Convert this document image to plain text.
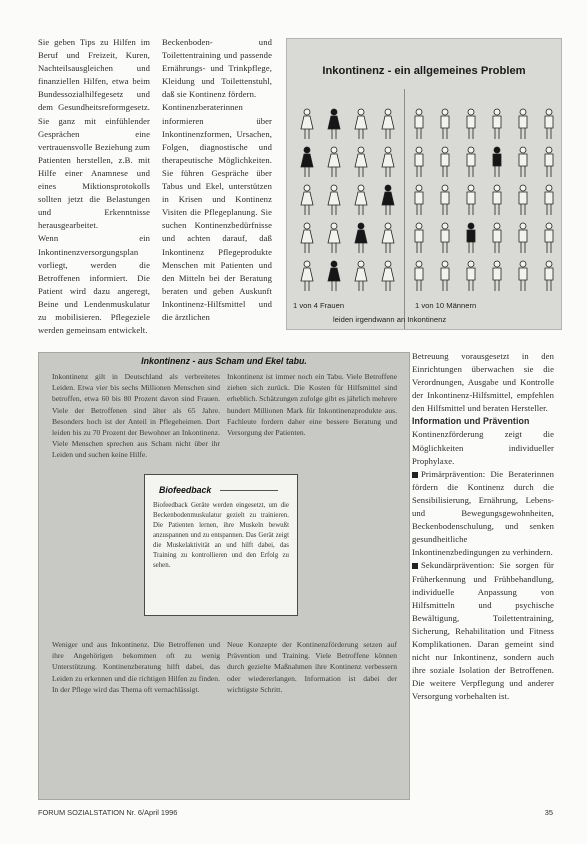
Sie geben Tips zu Hilfen im Beruf und Freizeit, Kuren, Nachteilsausgleichen und finanziellen Hilfen, etwa beim Bundessozialhilfegesetz und dem Gesundheitsreformgesetz. Sie ganz mit einfühlender Gesprächen eine vertrauensvolle Beziehung zum Patienten herstellen, z.B. mit Hilfe einer Anamnese und eines Miktionsprotokolls sollten jetzt die Belastungen und Erkenntnisse herausgearbeitet.

Wenn ein Inkontinenzversorgungsplan vorliegt, werden die Betroffenen informiert. Die Patient wird dazu angeregt, Beine und Lendenmuskulatur zu mobilisieren. Pflegeziele werden gemeinsam entwickelt.

Beckenboden- und Toilettentraining und passende Ernährungs- und Trinkpflege, Kleidung und Toilettenstuhl, daß sie Kontinenz fördern.

Kontinenzberaterinnen informieren über Inkontinenzformen, Ursachen, Folgen, diagnostische und therapeutische Möglichkeiten. Sie führen Gespräche über Tabus und Ekel, unterstützen in Krisen und Kontinenz Visiten die Pflegeplanung. Sie suchen Kontinenzbedürfnisse und achten darauf, daß Inkontinenz Pflegeprodukte Menschen mit Patienten und den Mitteln bei der Beratung beraten und geben Auskunft Inkontinenz-Hilfsmittel und die ärztlichen

Inkontinenz - ein allgemeines Problem
1 von 4 Frauen	1 von 10 Männern
leiden irgendwann an Inkontinenz

Betreuung vorausgesetzt in den Einrichtungen überwachen sie die Verordnungen, Ausgabe und Kontrolle der Inkontinenz-Hilfsmittel, empfehlen den Hilfsmittel und beraten Hersteller.

Information und Prävention

Kontinenzförderung zeigt die Möglichkeiten individueller Prophylaxe.

Primärprävention: Die Beraterinnen fördern die Kontinenz durch die Sensibilisierung, Ernährung, Lebens- und Bewegungsgewohnheiten, Beckenbodenschulung, und senken gesundheitliche Inkontinenzbedingungen zu verhindern.

Sekundärprävention: Sie sorgen für Früherkennung und Frühbehandlung, individuelle Anpassung von Hilfsmitteln und psychische Bewältigung, Toilettentraining, Sicherung, Rehabilitation und Fitness Komplikationen. Daran gemeint sind nicht nur Inkontinenz, sondern auch ihre soziale Isolation der Betroffenen. Die weitere Verpflegung und anderer Versorgung vorbehalten ist.

Inkontinenz - aus Scham und Ekel tabu.

Inkontinenz gilt in Deutschland als verbreitetes Leiden. Etwa vier bis sechs Millionen Menschen sind betroffen, etwa 60 bis 80 Prozent davon sind Frauen. Viele der Betroffenen sind älter als 65 Jahre. Besonders hoch ist der Anteil in Pflegeheimen. Dort leiden bis zu 70 Prozent der Bewohner an Inkontinenz. Viele Menschen sprechen aus Scham nicht über ihr Leiden und suchen keine Hilfe.

Inkontinenz ist immer noch ein Tabu. Viele Betroffene ziehen sich zurück. Die Kosten für Hilfsmittel sind erheblich. Schätzungen zufolge gibt es jährlich mehrere hundert Millionen Mark für Inkontinenzprodukte aus. Fachleute fordern daher eine bessere Beratung und Versorgung der Patienten.

Weniger und aus Inkontinenz. Die Betroffenen und ihre Angehörigen bekommen oft zu wenig Unterstützung. Kontinenzberatung hilft dabei, das Leiden zu erkennen und die richtigen Hilfen zu finden. In der Pflege wird das Thema oft vernachlässigt.

Neue Konzepte der Kontinenzförderung setzen auf Prävention und Training. Viele Betroffene können durch gezielte Maßnahmen ihre Kontinenz verbessern oder wiedererlangen. Information ist dabei der wichtigste Schritt.

Biofeedback
Biofeedback Geräte werden eingesetzt, um die Beckenbodenmuskulatur gezielt zu trainieren. Die Patienten lernen, ihre Muskeln bewußt anzuspannen und zu entspannen. Das Gerät zeigt die Muskelaktivität an und hilft dabei, das Training zu kontrollieren und den Erfolg zu sehen.
FORUM SOZIALSTATION Nr. 6/April 1996	35
